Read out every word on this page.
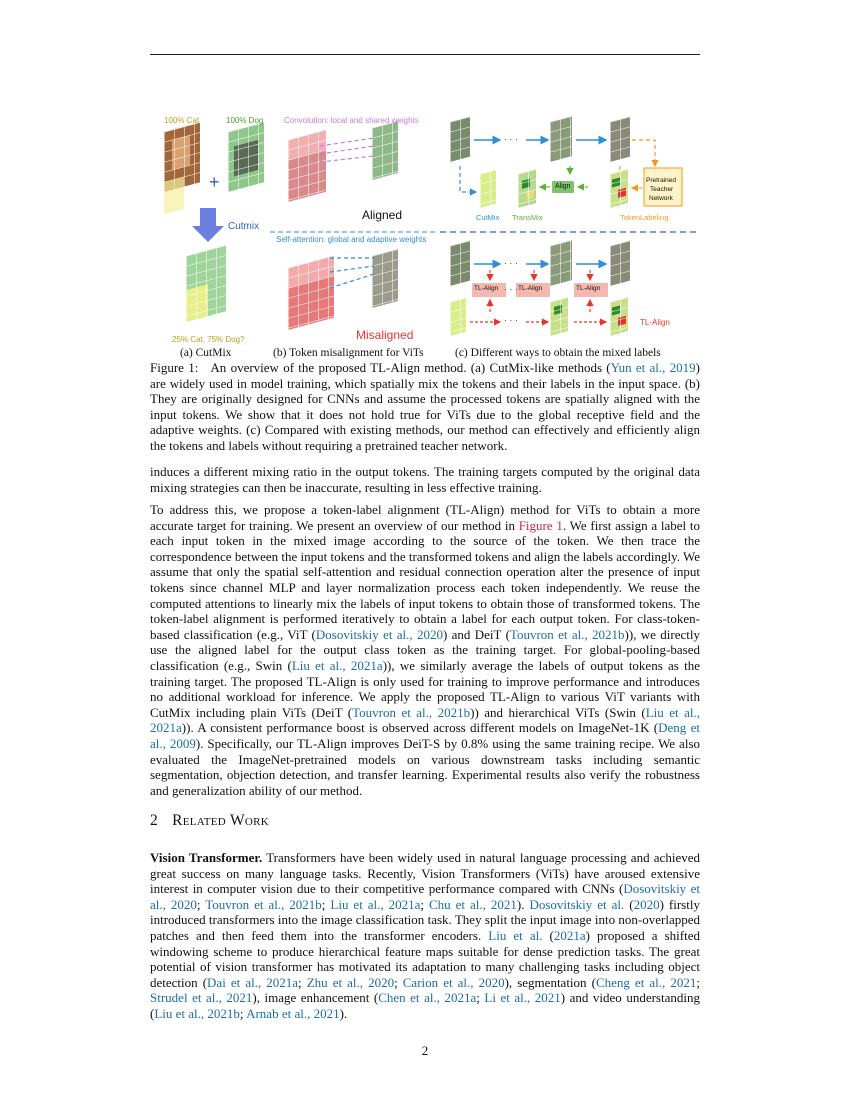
+
100% Cat	100% Dog
Cutmix
25% Cat, 75% Dog?
Convolution: local and shared weights
Aligned
Self-attention: global and adaptive weights
Misaligned
· · ·
CutMix TransMix
Align
TokenLabeling
Pretrained
Teacher
Network
· · ·
TL-Align	TL-Align	TL-Align
· · ·
· · ·	TL-Align
(a) CutMix	(b) Token misalignment for ViTs	(c) Different ways to obtain the mixed labels

Figure 1: An overview of the proposed TL-Align method. (a) CutMix-like methods (Yun et al., 2019) are widely used in model training, which spatially mix the tokens and their labels in the input space. (b) They are originally designed for CNNs and assume the processed tokens are spatially aligned with the input tokens. We show that it does not hold true for ViTs due to the global receptive field and the adaptive weights. (c) Compared with existing methods, our method can effectively and efficiently align the tokens and labels without requiring a pretrained teacher network.

induces a different mixing ratio in the output tokens. The training targets computed by the original data mixing strategies can then be inaccurate, resulting in less effective training.

To address this, we propose a token-label alignment (TL-Align) method for ViTs to obtain a more accurate target for training. We present an overview of our method in Figure 1. We first assign a label to each input token in the mixed image according to the source of the token. We then trace the correspondence between the input tokens and the transformed tokens and align the labels accordingly. We assume that only the spatial self-attention and residual connection operation alter the presence of input tokens since channel MLP and layer normalization process each token independently. We reuse the computed attentions to linearly mix the labels of input tokens to obtain those of transformed tokens. The token-label alignment is performed iteratively to obtain a label for each output token. For class-token-based classification (e.g., ViT (Dosovitskiy et al., 2020) and DeiT (Touvron et al., 2021b)), we directly use the aligned label for the output class token as the training target. For global-pooling-based classification (e.g., Swin (Liu et al., 2021a)), we similarly average the labels of output tokens as the training target. The proposed TL-Align is only used for training to improve performance and introduces no additional workload for inference. We apply the proposed TL-Align to various ViT variants with CutMix including plain ViTs (DeiT (Touvron et al., 2021b)) and hierarchical ViTs (Swin (Liu et al., 2021a)). A consistent performance boost is observed across different models on ImageNet-1K (Deng et al., 2009). Specifically, our TL-Align improves DeiT-S by 0.8% using the same training recipe. We also evaluated the ImageNet-pretrained models on various downstream tasks including semantic segmentation, objection detection, and transfer learning. Experimental results also verify the robustness and generalization ability of our method.

2 Related Work

Vision Transformer. Transformers have been widely used in natural language processing and achieved great success on many language tasks. Recently, Vision Transformers (ViTs) have aroused extensive interest in computer vision due to their competitive performance compared with CNNs (Dosovitskiy et al., 2020; Touvron et al., 2021b; Liu et al., 2021a; Chu et al., 2021). Dosovitskiy et al. (2020) firstly introduced transformers into the image classification task. They split the input image into non-overlapped patches and then feed them into the transformer encoders. Liu et al. (2021a) proposed a shifted windowing scheme to produce hierarchical feature maps suitable for dense prediction tasks. The great potential of vision transformer has motivated its adaptation to many challenging tasks including object detection (Dai et al., 2021a; Zhu et al., 2020; Carion et al., 2020), segmentation (Cheng et al., 2021; Strudel et al., 2021), image enhancement (Chen et al., 2021a; Li et al., 2021) and video understanding (Liu et al., 2021b; Arnab et al., 2021).

2
